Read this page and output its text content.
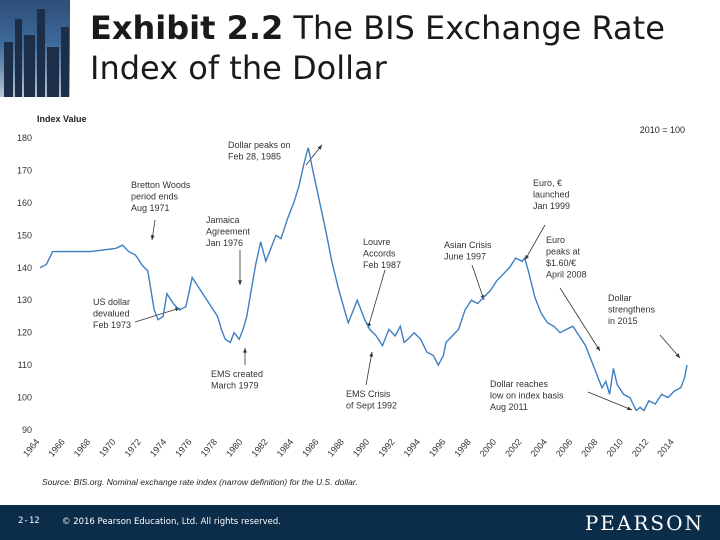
Exhibit 2.2 The BIS Exchange Rate
Index of the Dollar
Index Value
2010 = 100
90
100
110
120
130
140
150
160
170
180
1964 1966 1968 1970 1972 1974 1976 1978 1980 1982 1984 1986 1988 1990 1992 1994 1996 1998 2000 2002 2004 2006 2008 2010 2012 2014
Dollar peaks on Feb 28, 1985
Bretton Woods period ends Aug 1971
Jamaica Agreement Jan 1976
US dollar devalued Feb 1973
EMS created March 1979
Louvre Accords Feb 1987
Asian Crisis June 1997
Euro, € launched Jan 1999
Euro peaks at $1.60/€ April 2008
Dollar strengthens in 2015
EMS Crisis of Sept 1992
Dollar reaches low on index basis Aug 2011
Source: BIS.org. Nominal exchange rate index (narrow definition) for the U.S. dollar.
2-12	© 2016 Pearson Education, Ltd. All rights reserved.	PEARSON
